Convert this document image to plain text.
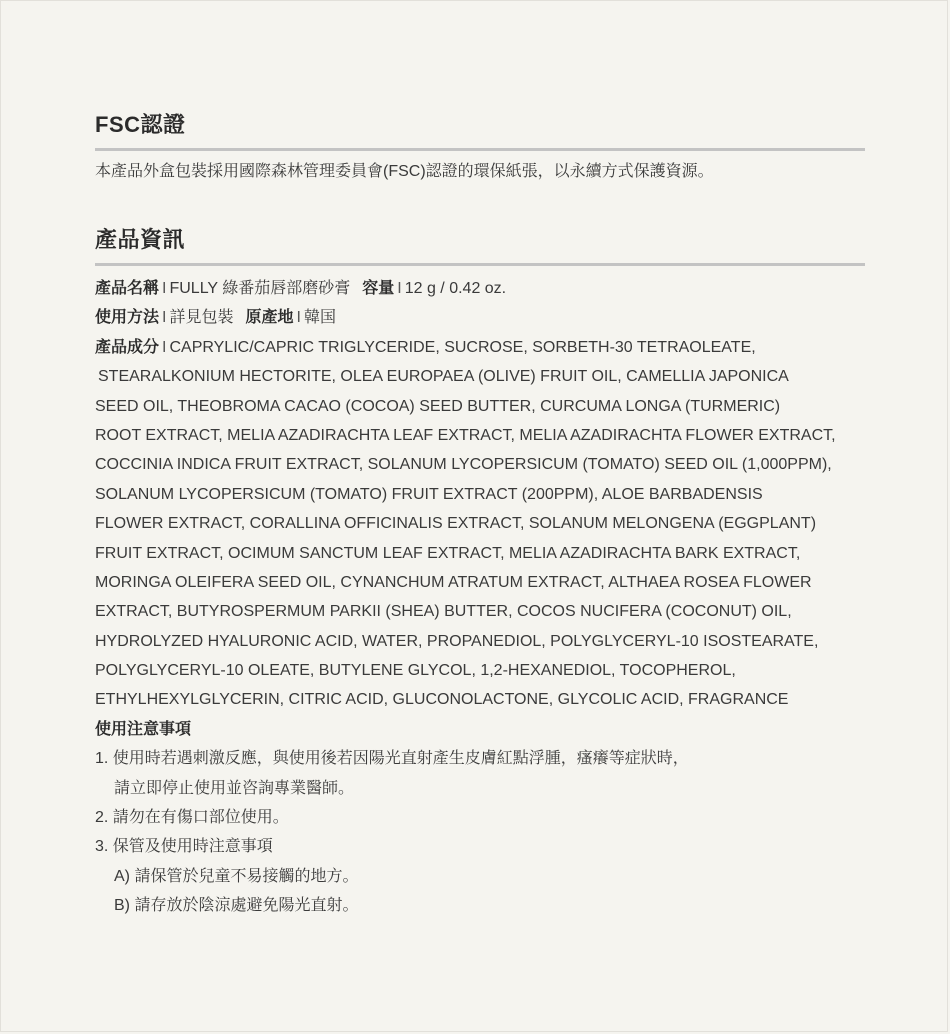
FSC認證
本產品外盒包裝採用國際森林管理委員會(FSC)認證的環保紙張，以永續方式保護資源。
產品資訊
產品名稱 I FULLY 綠番茄唇部磨砂膏 容量 I 12 g / 0.42 oz.
使用方法 I 詳見包裝 原產地 I 韓国
產品成分 I CAPRYLIC/CAPRIC TRIGLYCERIDE, SUCROSE, SORBETH-30 TETRAOLEATE,
STEARALKONIUM HECTORITE, OLEA EUROPAEA (OLIVE) FRUIT OIL, CAMELLIA JAPONICA
SEED OIL, THEOBROMA CACAO (COCOA) SEED BUTTER, CURCUMA LONGA (TURMERIC)
ROOT EXTRACT, MELIA AZADIRACHTA LEAF EXTRACT, MELIA AZADIRACHTA FLOWER EXTRACT,
COCCINIA INDICA FRUIT EXTRACT, SOLANUM LYCOPERSICUM (TOMATO) SEED OIL (1,000PPM),
SOLANUM LYCOPERSICUM (TOMATO) FRUIT EXTRACT (200PPM), ALOE BARBADENSIS
FLOWER EXTRACT, CORALLINA OFFICINALIS EXTRACT, SOLANUM MELONGENA (EGGPLANT)
FRUIT EXTRACT, OCIMUM SANCTUM LEAF EXTRACT, MELIA AZADIRACHTA BARK EXTRACT,
MORINGA OLEIFERA SEED OIL, CYNANCHUM ATRATUM EXTRACT, ALTHAEA ROSEA FLOWER
EXTRACT, BUTYROSPERMUM PARKII (SHEA) BUTTER, COCOS NUCIFERA (COCONUT) OIL,
HYDROLYZED HYALURONIC ACID, WATER, PROPANEDIOL, POLYGLYCERYL-10 ISOSTEARATE,
POLYGLYCERYL-10 OLEATE, BUTYLENE GLYCOL, 1,2-HEXANEDIOL, TOCOPHEROL,
ETHYLHEXYLGLYCERIN, CITRIC ACID, GLUCONOLACTONE, GLYCOLIC ACID, FRAGRANCE
使用注意事項
1. 使用時若遇刺激反應，與使用後若因陽光直射產生皮膚紅點浮腫，瘙癢等症狀時，
請立即停止使用並咨詢專業醫師。
2. 請勿在有傷口部位使用。
3. 保管及使用時注意事項
A) 請保管於兒童不易接觸的地方。
B) 請存放於陰涼處避免陽光直射。
